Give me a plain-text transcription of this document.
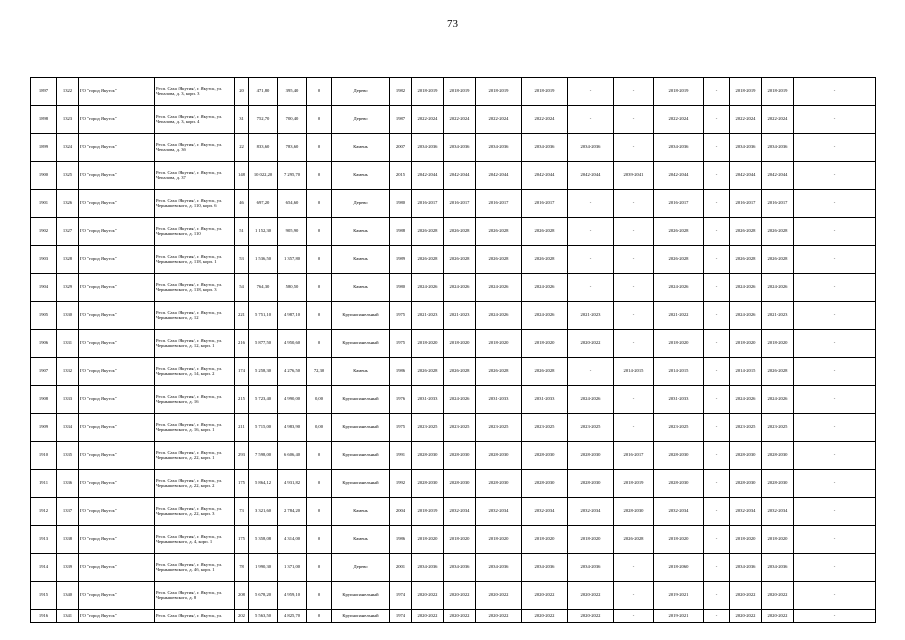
73
1897	1322	ГО "город Якутск"	Респ. Саха /Якутия/, г. Якутск, ул. Чепалова, д. 3, корп. 3	20	471,80	395,40	0	Дерево	1982	2018-2019	2018-2019	2018-2019	2018-2019	-	-	2018-2019	-	2018-2019	2018-2019	-
1898	1323	ГО "город Якутск"	Респ. Саха /Якутия/, г. Якутск, ул. Чепалова, д. 3, корп. 4	31	752,70	700,40	0	Дерево	1987	2022-2024	2022-2024	2022-2024	2022-2024	-	-	2022-2024	-	2022-2024	2022-2024	-
1899	1324	ГО "город Якутск"	Респ. Саха /Якутия/, г. Якутск, ул. Чепалова, д. 3б	22	833,60	783,60	0	Камень	2007	2034-2036	2034-2036	2034-2036	2034-2036	2034-2036	-	2034-2036	-	2034-2036	2034-2036	-
1900	1325	ГО "город Якутск"	Респ. Саха /Якутия/, г. Якутск, ул. Чепалова, д. 37	148	10 022,20	7 295,70	0	Камень	2015	2042-2044	2042-2044	2042-2044	2042-2044	2042-2044	2039-2041	2042-2044	-	2042-2044	2042-2044	-
1901	1326	ГО "город Якутск"	Респ. Саха /Якутия/, г. Якутск, ул. Чернышевского, д. 110, корп. 6	46	697,20	654,60	0	Дерево	1980	2016-2017	2016-2017	2016-2017	2016-2017	-	-	2016-2017	-	2016-2017	2016-2017	-
1902	1327	ГО "город Якутск"	Респ. Саха /Якутия/, г. Якутск, ул. Чернышевского, д. 110	51	1 152,30	905,90	0	Камень	1988	2026-2028	2026-2028	2026-2028	2026-2028	-	-	2026-2028	-	2026-2028	2026-2028	-
1903	1328	ГО "город Якутск"	Респ. Саха /Якутия/, г. Якутск, ул. Чернышевского, д. 118, корп. 1	53	1 536,50	1 357,80	0	Камень	1989	2026-2028	2026-2028	2026-2028	2026-2028	-	-	2026-2028	-	2026-2028	2026-2028	-
1904	1329	ГО "город Якутск"	Респ. Саха /Якутия/, г. Якутск, ул. Чернышевского, д. 118, корп. 3	54	764,30	580,50	0	Камень	1980	2024-2026	2024-2026	2024-2026	2024-2026	-	-	2024-2026	-	2024-2026	2024-2026	-
1905	1330	ГО "город Якутск"	Респ. Саха /Якутия/, г. Якутск, ул. Чернышевского, д. 12	221	5 751,10	4 987,10	0	Крупнопанельный	1975	2021-2023	2021-2023	2024-2026	2024-2026	2021-2023	-	2021-2022	-	2024-2026	2021-2023	-
1906	1331	ГО "город Якутск"	Респ. Саха /Якутия/, г. Якутск, ул. Чернышевского, д. 12, корп. 1	216	5 877,50	4 950,60	0	Крупнопанельный	1975	2018-2020	2018-2020	2018-2020	2018-2020	2020-2022	-	2018-2020	-	2018-2020	2018-2020	-
1907	1332	ГО "город Якутск"	Респ. Саха /Якутия/, г. Якутск, ул. Чернышевского, д. 14, корп. 2	174	5 258,30	4 276,50	72,30	Камень	1986	2026-2028	2026-2028	2026-2028	2026-2028	-	2014-2015	2014-2015	-	2014-2015	2026-2028	-
1908	1333	ГО "город Якутск"	Респ. Саха /Якутия/, г. Якутск, ул. Чернышевского, д. 16	215	5 723,40	4 990,00	0,00	Крупнопанельный	1976	2031-2033	2024-2026	2031-2033	2031-2033	2024-2026	-	2031-2033	-	2024-2026	2024-2026	-
1909	1334	ГО "город Якутск"	Респ. Саха /Якутия/, г. Якутск, ул. Чернышевского, д. 16, корп. 1	211	5 715,00	4 983,90	0,00	Крупнопанельный	1975	2023-2025	2023-2025	2023-2025	2023-2025	2023-2025	-	2023-2025	-	2023-2025	2023-2025	-
1910	1335	ГО "город Якутск"	Респ. Саха /Якутия/, г. Якутск, ул. Чернышевского, д. 22, корп. 1	293	7 598,00	6 606,40	0	Крупнопанельный	1991	2028-2030	2028-2030	2028-2030	2028-2030	2028-2030	2016-2017	2028-2030	-	2028-2030	2028-2030	-
1911	1336	ГО "город Якутск"	Респ. Саха /Якутия/, г. Якутск, ул. Чернышевского, д. 22, корп. 2	175	5 864,12	4 931,82	0	Крупнопанельный	1992	2028-2030	2028-2030	2028-2030	2028-2030	2028-2030	2018-2019	2028-2030	-	2028-2030	2028-2030	-
1912	1337	ГО "город Якутск"	Респ. Саха /Якутия/, г. Якутск, ул. Чернышевского, д. 22, корп. 3	73	3 321,60	2 784,20	0	Камень	2004	2018-2019	2032-2034	2032-2034	2032-2034	2032-2034	2028-2030	2032-2034	-	2032-2034	2032-2034	-
1913	1338	ГО "город Якутск"	Респ. Саха /Якутия/, г. Якутск, ул. Чернышевского, д. 4, корп. 1	175	5 358,08	4 314,00	0	Камень	1986	2018-2020	2018-2020	2018-2020	2018-2020	2018-2020	2026-2028	2018-2020	-	2018-2020	2018-2020	-
1914	1339	ГО "город Якутск"	Респ. Саха /Якутия/, г. Якутск, ул. Чернышевского, д. 4б, корп. 1	78	1 990,30	1 371,00	0	Дерево	2001	2034-2036	2034-2036	2034-2036	2034-2036	2034-2036	-	2018-2060	-	2034-2036	2034-2036	-
1915	1340	ГО "город Якутск"	Респ. Саха /Якутия/, г. Якутск, ул. Чернышевского, д. 8	208	5 678,20	4 959,10	0	Крупнопанельный	1974	2020-2022	2020-2022	2020-2022	2020-2022	2020-2022	-	2019-2021	-	2020-2022	2020-2022	-
1916	1341	ГО "город Якутск"	Респ. Саха /Якутия/, г. Якутск, ул.	202	5 563,50	4 825,70	0	Крупнопанельный	1974	2020-2022	2020-2022	2020-2022	2020-2022	2020-2022	-	2019-2021	-	2020-2022	2020-2022	-
